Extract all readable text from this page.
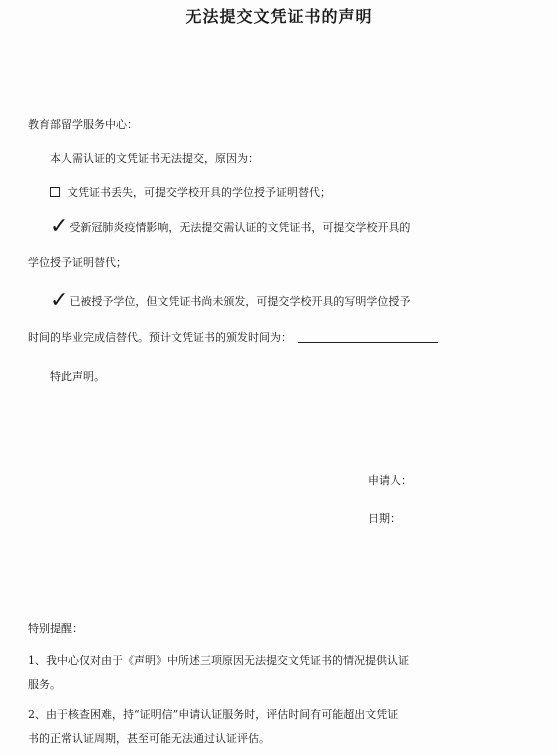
无法提交文凭证书的声明
教育部留学服务中心：
本人需认证的文凭证书无法提交，原因为：
文凭证书丢失，可提交学校开具的学位授予证明替代；
✓受新冠肺炎疫情影响，无法提交需认证的文凭证书，可提交学校开具的
学位授予证明替代；
✓已被授予学位，但文凭证书尚未颁发，可提交学校开具的写明学位授予
时间的毕业完成信替代。预计文凭证书的颁发时间为：
特此声明。
申请人：
日期：
特别提醒：
1、我中心仅对由于《声明》中所述三项原因无法提交文凭证书的情况提供认证
服务。
2、由于核查困难，持“证明信”申请认证服务时，评估时间有可能超出文凭证
书的正常认证周期，甚至可能无法通过认证评估。
